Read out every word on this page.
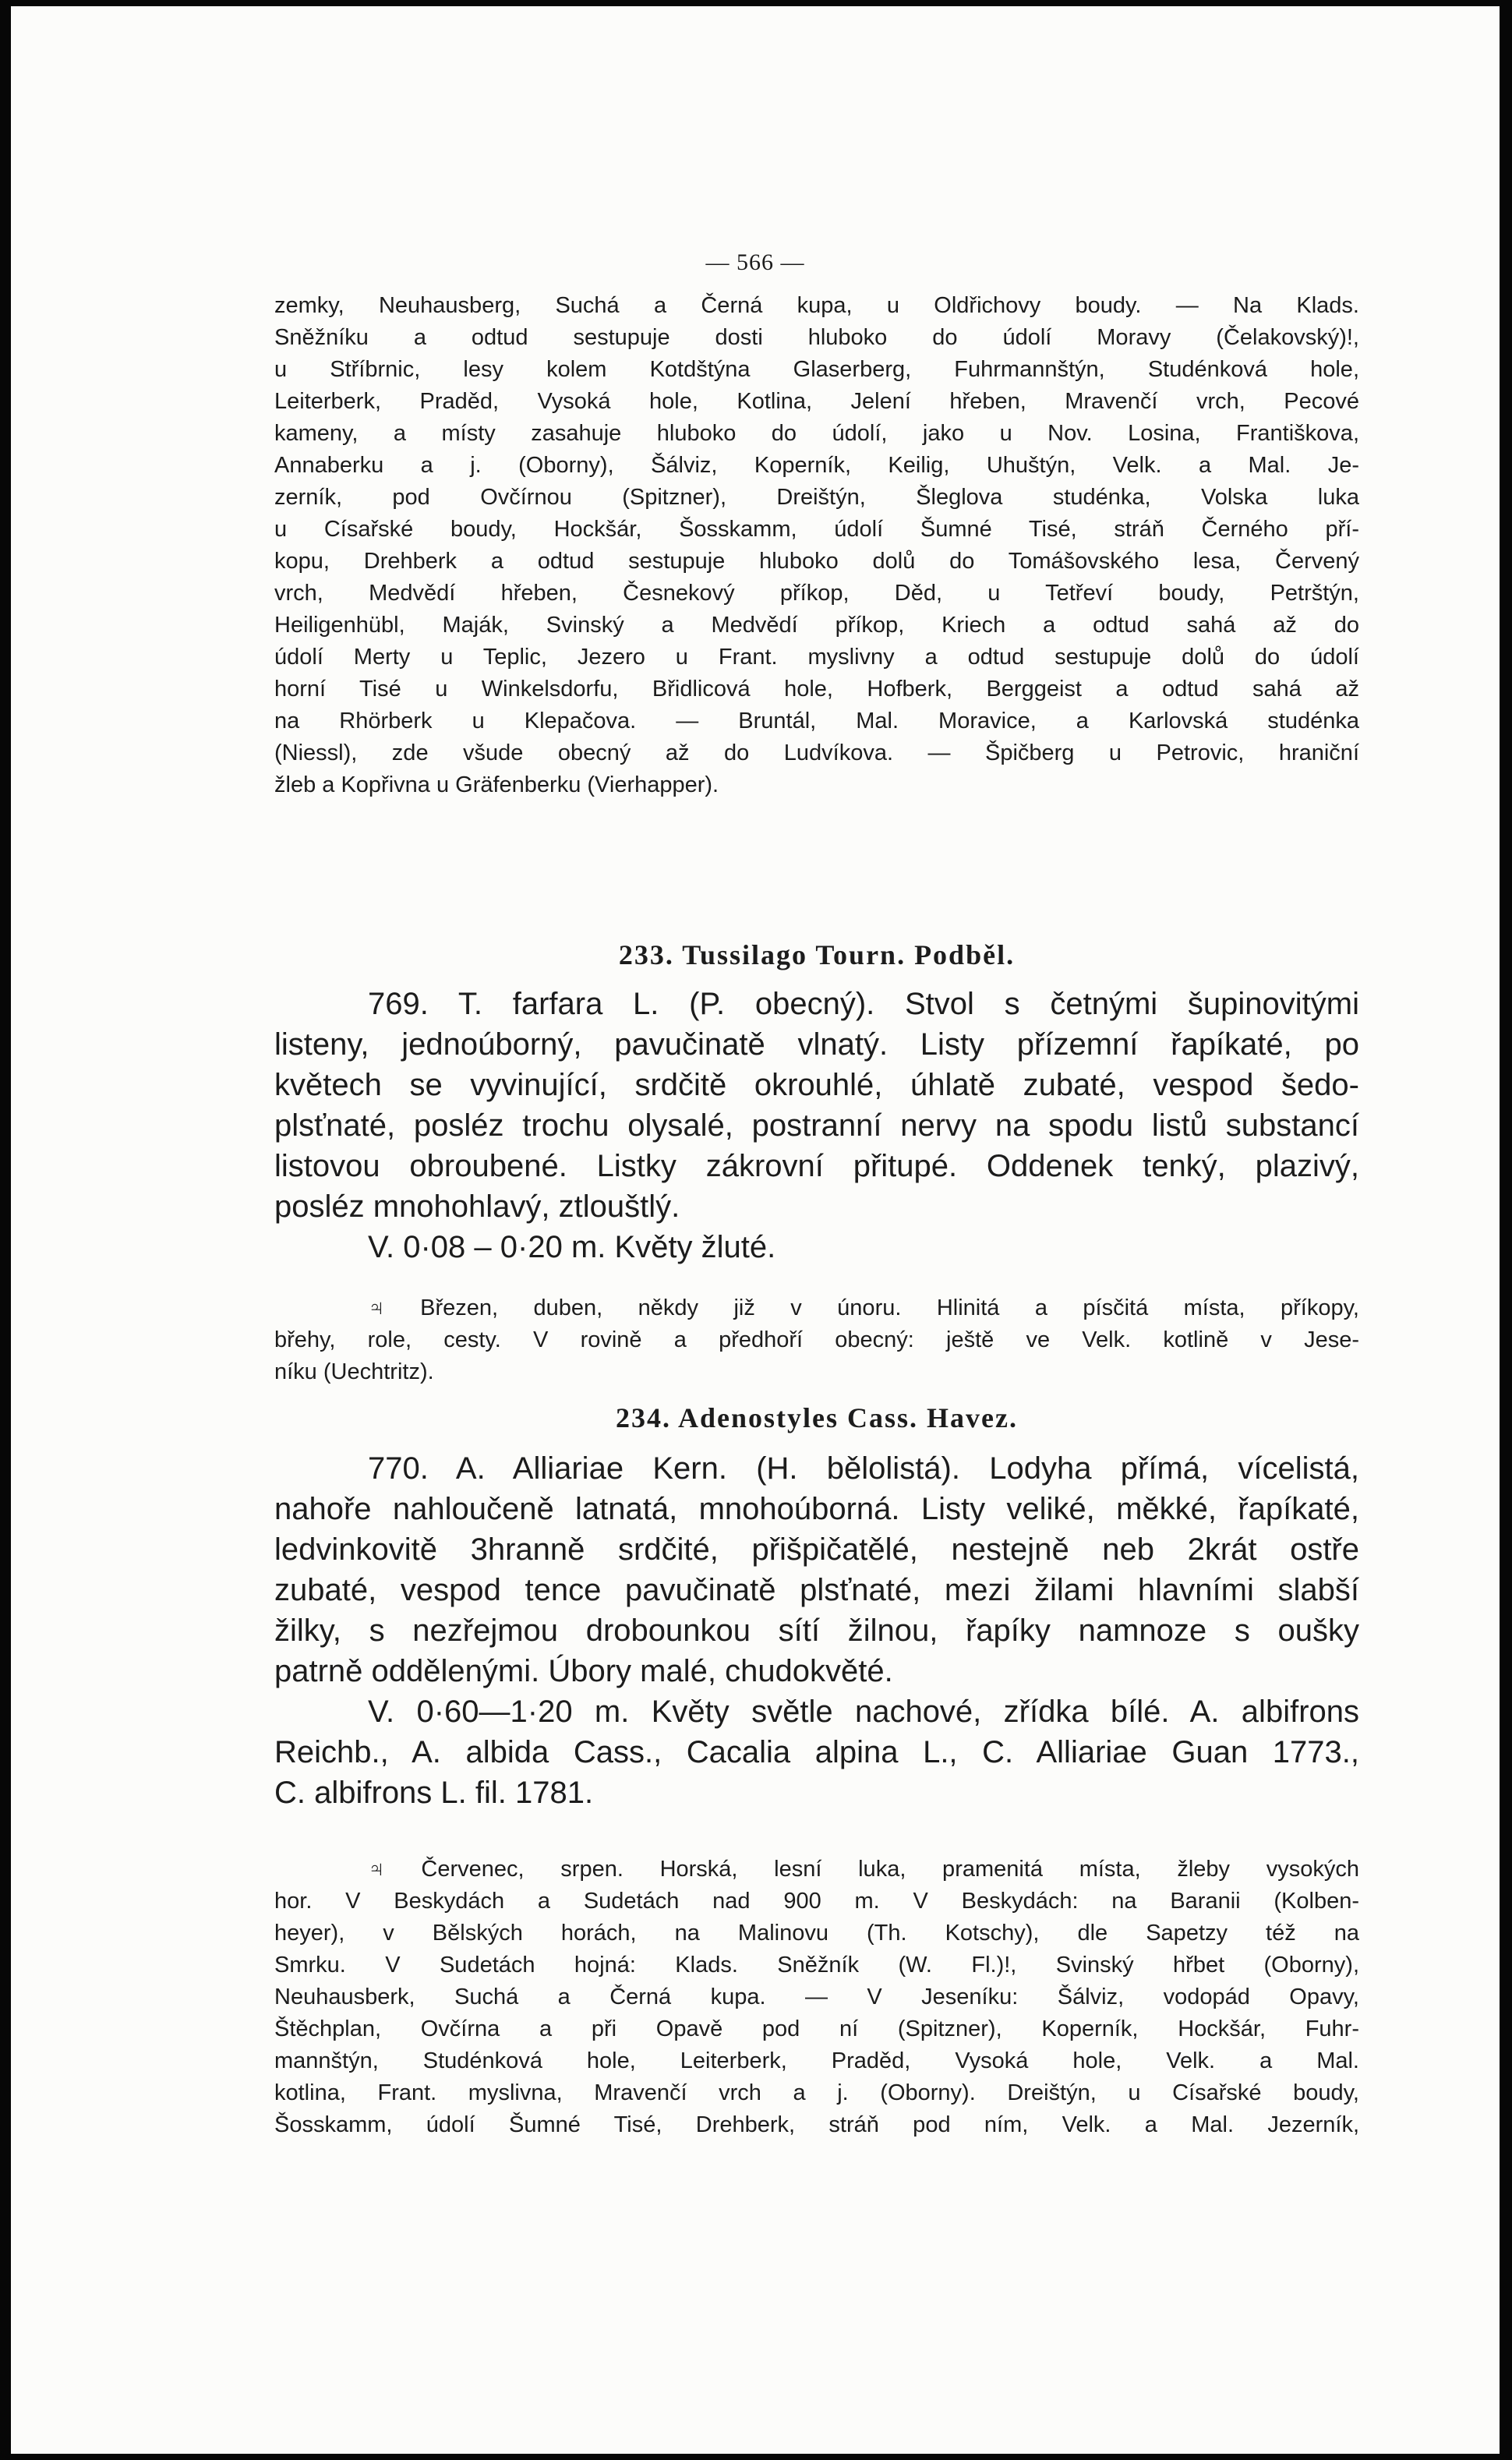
— 566 —
zemky, Neuhausberg, Suchá a Černá kupa, u Oldřichovy boudy. — Na Klads.
Sněžníku a odtud sestupuje dosti hluboko do údolí Moravy (Čelakovský)!,
u Stříbrnic, lesy kolem Kotdštýna Glaserberg, Fuhrmannštýn, Studénková hole,
Leiterberk, Praděd, Vysoká hole, Kotlina, Jelení hřeben, Mravenčí vrch, Pecové
kameny, a místy zasahuje hluboko do údolí, jako u Nov. Losina, Františkova,
Annaberku a j. (Oborny), Šálviz, Koperník, Keilig, Uhuštýn, Velk. a Mal. Je-
zerník, pod Ovčírnou (Spitzner), Dreištýn, Šleglova studénka, Volska luka
u Císařské boudy, Hockšár, Šosskamm, údolí Šumné Tisé, stráň Černého pří-
kopu, Drehberk a odtud sestupuje hluboko dolů do Tomášovského lesa, Červený
vrch, Medvědí hřeben, Česnekový příkop, Děd, u Tetřeví boudy, Petrštýn,
Heiligenhübl, Maják, Svinský a Medvědí příkop, Kriech a odtud sahá až do
údolí Merty u Teplic, Jezero u Frant. myslivny a odtud sestupuje dolů do údolí
horní Tisé u Winkelsdorfu, Břidlicová hole, Hofberk, Berggeist a odtud sahá až
na Rhörberk u Klepačova. — Bruntál, Mal. Moravice, a Karlovská studénka
(Niessl), zde všude obecný až do Ludvíkova. — Špičberg u Petrovic, hraniční
žleb a Kopřivna u Gräfenberku (Vierhapper).
233. Tussilago Tourn. Podběl.
769. T. farfara L. (P. obecný). Stvol s četnými šupinovitými
listeny, jednoúborný, pavučinatě vlnatý. Listy přízemní řapíkaté, po
květech se vyvinující, srdčitě okrouhlé, úhlatě zubaté, vespod šedo-
plsťnaté, posléz trochu olysalé, postranní nervy na spodu listů substancí
listovou obroubené. Listky zákrovní přitupé. Oddenek tenký, plazivý,
posléz mnohohlavý, ztlouštlý.
V. 0·08 – 0·20 m. Květy žluté.
♃ Březen, duben, někdy již v únoru. Hlinitá a písčitá místa, příkopy,
břehy, role, cesty. V rovině a předhoří obecný: ještě ve Velk. kotlině v Jese-
níku (Uechtritz).
234. Adenostyles Cass. Havez.
770. A. Alliariae Kern. (H. bělolistá). Lodyha přímá, vícelistá,
nahoře nahloučeně latnatá, mnohoúborná. Listy veliké, měkké, řapíkaté,
ledvinkovitě 3hranně srdčité, přišpičatělé, nestejně neb 2krát ostře
zubaté, vespod tence pavučinatě plsťnaté, mezi žilami hlavními slabší
žilky, s nezřejmou drobounkou sítí žilnou, řapíky namnoze s oušky
patrně oddělenými. Úbory malé, chudokvěté.
V. 0·60—1·20 m. Květy světle nachové, zřídka bílé. A. albifrons
Reichb., A. albida Cass., Cacalia alpina L., C. Alliariae Guan 1773.,
C. albifrons L. fil. 1781.
♃ Červenec, srpen. Horská, lesní luka, pramenitá místa, žleby vysokých
hor. V Beskydách a Sudetách nad 900 m. V Beskydách: na Baranii (Kolben-
heyer), v Bělských horách, na Malinovu (Th. Kotschy), dle Sapetzy též na
Smrku. V Sudetách hojná: Klads. Sněžník (W. Fl.)!, Svinský hřbet (Oborny),
Neuhausberk, Suchá a Černá kupa. — V Jeseníku: Šálviz, vodopád Opavy,
Štěchplan, Ovčírna a při Opavě pod ní (Spitzner), Koperník, Hockšár, Fuhr-
mannštýn, Studénková hole, Leiterberk, Praděd, Vysoká hole, Velk. a Mal.
kotlina, Frant. myslivna, Mravenčí vrch a j. (Oborny). Dreištýn, u Císařské boudy,
Šosskamm, údolí Šumné Tisé, Drehberk, stráň pod ním, Velk. a Mal. Jezerník,
